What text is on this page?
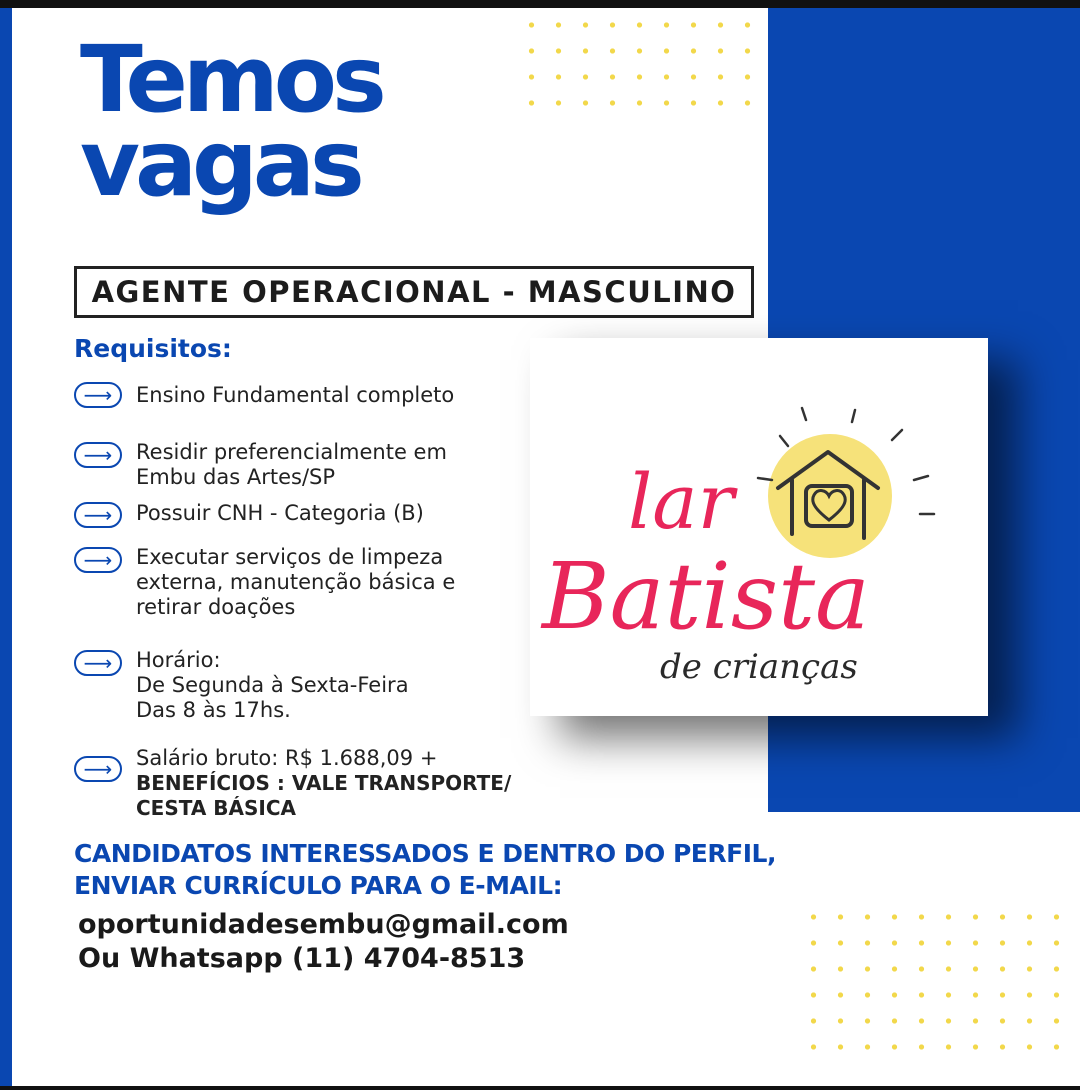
Temos
vagas
AGENTE OPERACIONAL - MASCULINO
Requisitos:
⟶	Ensino Fundamental completo
⟶	Residir preferencialmente em
Embu das Artes/SP
⟶	Possuir CNH - Categoria (B)
⟶	Executar serviços de limpeza
externa, manutenção básica e
retirar doações
⟶	Horário:
De Segunda à Sexta-Feira
Das 8 às 17hs.
⟶	Salário bruto: R$ 1.688,09 +
BENEFÍCIOS : VALE TRANSPORTE/
CESTA BÁSICA
lar
Batista
de crianças
CANDIDATOS INTERESSADOS E DENTRO DO PERFIL,
ENVIAR CURRÍCULO PARA O E-MAIL:
oportunidadesembu@gmail.com
Ou Whatsapp (11) 4704-8513
